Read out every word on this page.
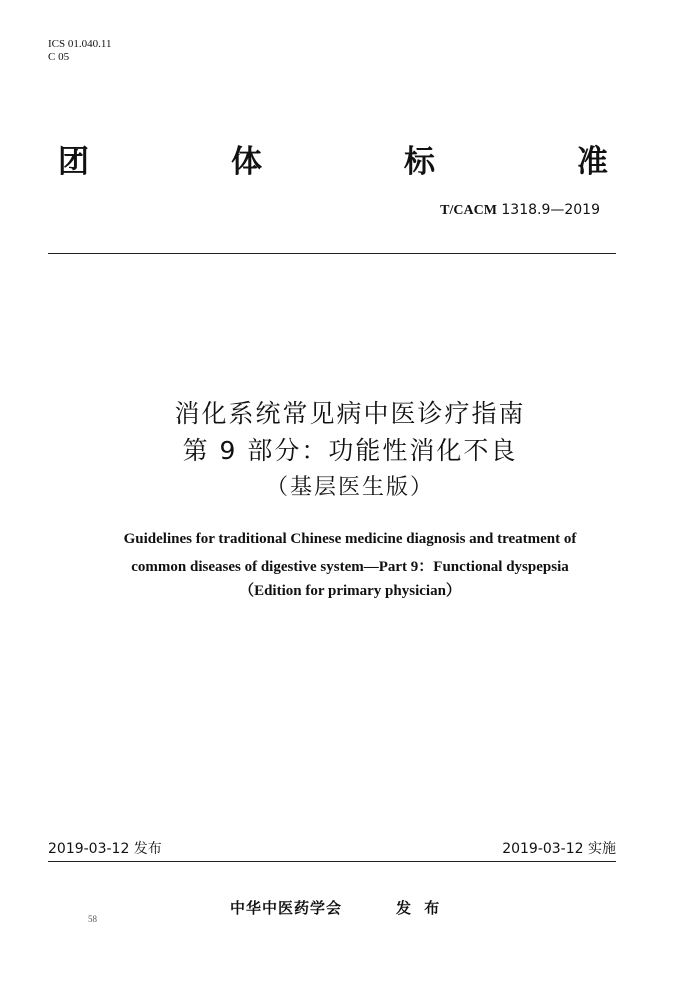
ICS 01.040.11
C 05
团	体	标	准
T/CACM 1318.9—2019
消化系统常见病中医诊疗指南
第 9 部分：功能性消化不良
（基层医生版）
Guidelines for traditional Chinese medicine diagnosis and treatment of
common diseases of digestive system—Part 9：Functional dyspepsia
（Edition for primary physician）
2019-03-12 发布	2019-03-12 实施
中华中医药学会	发 布
58
